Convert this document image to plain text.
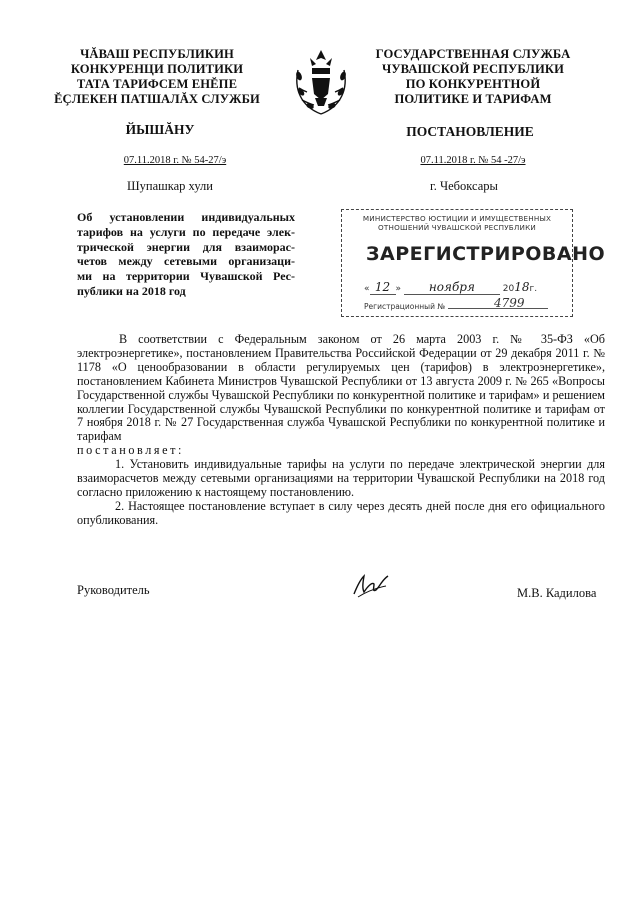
ЧĂВАШ РЕСПУБЛИКИН
КОНКУРЕНЦИ ПОЛИТИКИ
ТАТА ТАРИФСЕМ ЕНĔПЕ
ĔҪЛЕКЕН ПАТШАЛĂХ СЛУЖБИ
ГОСУДАРСТВЕННАЯ СЛУЖБА
ЧУВАШСКОЙ РЕСПУБЛИКИ
ПО КОНКУРЕНТНОЙ
ПОЛИТИКЕ И ТАРИФАМ
ЙЫШĂНУ	ПОСТАНОВЛЕНИЕ
07.11.2018 г. № 54-27/э	07.11.2018 г. № 54 -27/э
Шупашкар хули	г. Чебоксары
Об установлении индивидуальных
тарифов на услуги по передаче элек-
трической энергии для взаиморас-
четов между сетевыми организаци-
ми на территории Чувашской Рес-
публики на 2018 год
МИНИСТЕРСТВО ЮСТИЦИИ И ИМУЩЕСТВЕННЫХ
ОТНОШЕНИЙ ЧУВАШСКОЙ РЕСПУБЛИКИ
ЗАРЕГИСТРИРОВАНО
« 12 » ноября	2018г.
Регистрационный №	4799

В соответствии с Федеральным законом от 26 марта 2003 г. № 35-ФЗ «Об электроэнергетике», постановлением Правительства Российской Федерации от 29 декабря 2011 г. № 1178 «О ценообразовании в области регулируемых цен (тарифов) в электроэнергетике», постановлением Кабинета Министров Чувашской Республики от 13 августа 2009 г. № 265 «Вопросы Государственной службы Чувашской Республики по конкурентной политике и тарифам» и решением коллегии Государственной службы Чувашской Республики по конкурентной политике и тарифам от 7 ноября 2018 г. № 27 Государственная служба Чувашской Республики по конкурентной политике и тарифам

постановляет:

1. Установить индивидуальные тарифы на услуги по передаче электрической энергии для взаиморасчетов между сетевыми организациями на территории Чувашской Республики на 2018 год согласно приложению к настоящему постановлению.

2. Настоящее постановление вступает в силу через десять дней после дня его официального опубликования.

Руководитель	М.В. Кадилова
